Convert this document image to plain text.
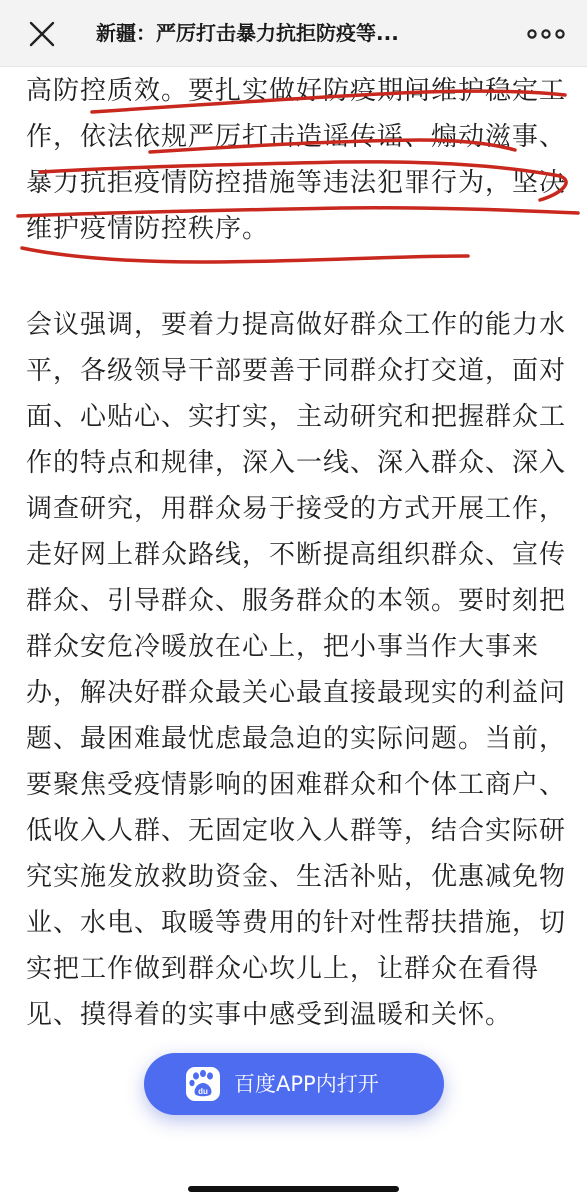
新疆：严厉打击暴力抗拒防疫等...

高防控质效。要扎实做好防疫期间维护稳定工作，依法依规严厉打击造谣传谣、煽动滋事、暴力抗拒疫情防控措施等违法犯罪行为，坚决维护疫情防控秩序。

会议强调，要着力提高做好群众工作的能力水平，各级领导干部要善于同群众打交道，面对面、心贴心、实打实，主动研究和把握群众工作的特点和规律，深入一线、深入群众、深入调查研究，用群众易于接受的方式开展工作，走好网上群众路线，不断提高组织群众、宣传群众、引导群众、服务群众的本领。要时刻把群众安危冷暖放在心上，把小事当作大事来办，解决好群众最关心最直接最现实的利益问题、最困难最忧虑最急迫的实际问题。当前，要聚焦受疫情影响的困难群众和个体工商户、低收入人群、无固定收入人群等，结合实际研究实施发放救助资金、生活补贴，优惠减免物业、水电、取暖等费用的针对性帮扶措施，切实把工作做到群众心坎儿上，让群众在看得见、摸得着的实事中感受到温暖和关怀。

du 百度APP内打开
